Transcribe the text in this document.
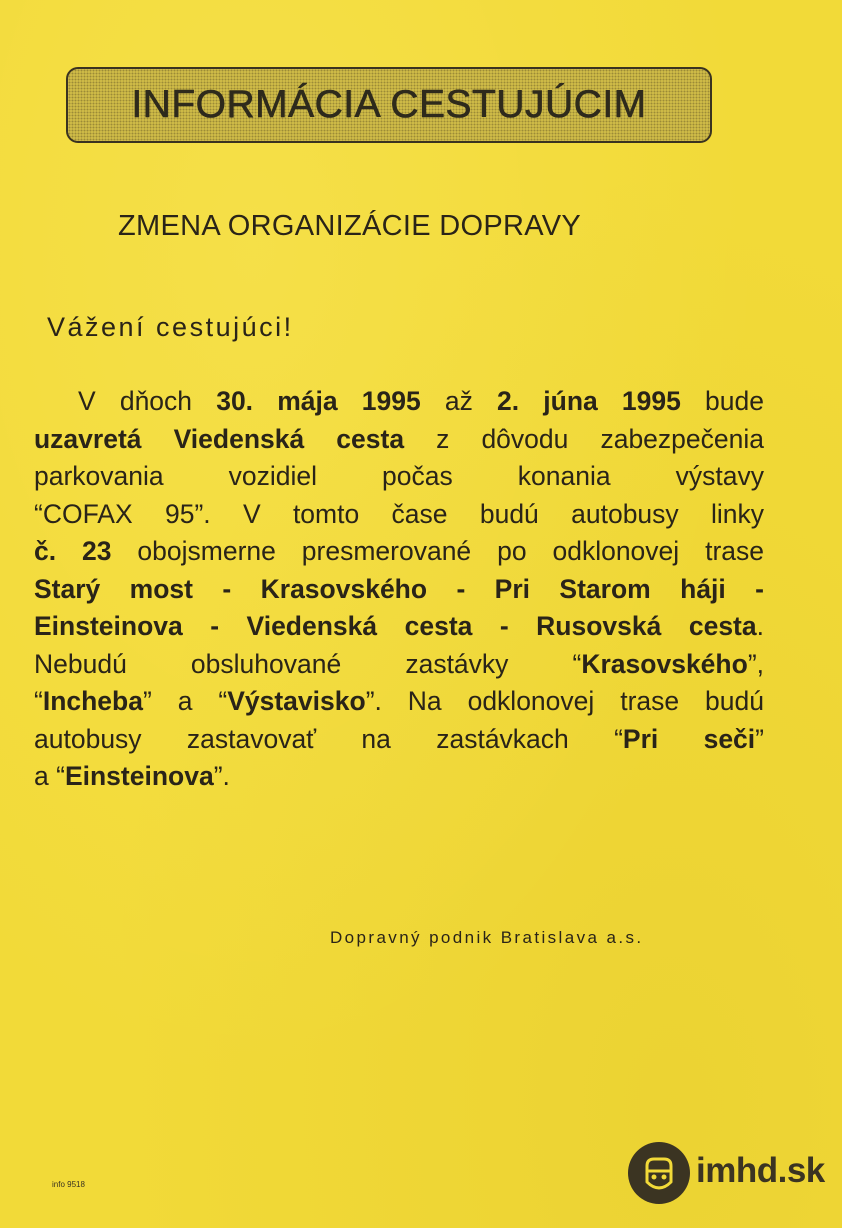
INFORMÁCIA CESTUJÚCIM
ZMENA ORGANIZÁCIE DOPRAVY
Vážení cestujúci!
V dňoch 30. mája 1995 až 2. júna 1995 bude
uzavretá Viedenská cesta z dôvodu zabezpečenia
parkovania vozidiel počas konania výstavy
“COFAX 95”. V tomto čase budú autobusy linky
č. 23 obojsmerne presmerované po odklonovej trase
Starý most - Krasovského - Pri Starom háji -
Einsteinova - Viedenská cesta - Rusovská cesta.
Nebudú obsluhované zastávky “Krasovského”,
“Incheba” a “Výstavisko”. Na odklonovej trase budú
autobusy zastavovať na zastávkach “Pri seči”
a “Einsteinova”.
Dopravný podnik Bratislava a.s.
info 9518	imhd.sk
